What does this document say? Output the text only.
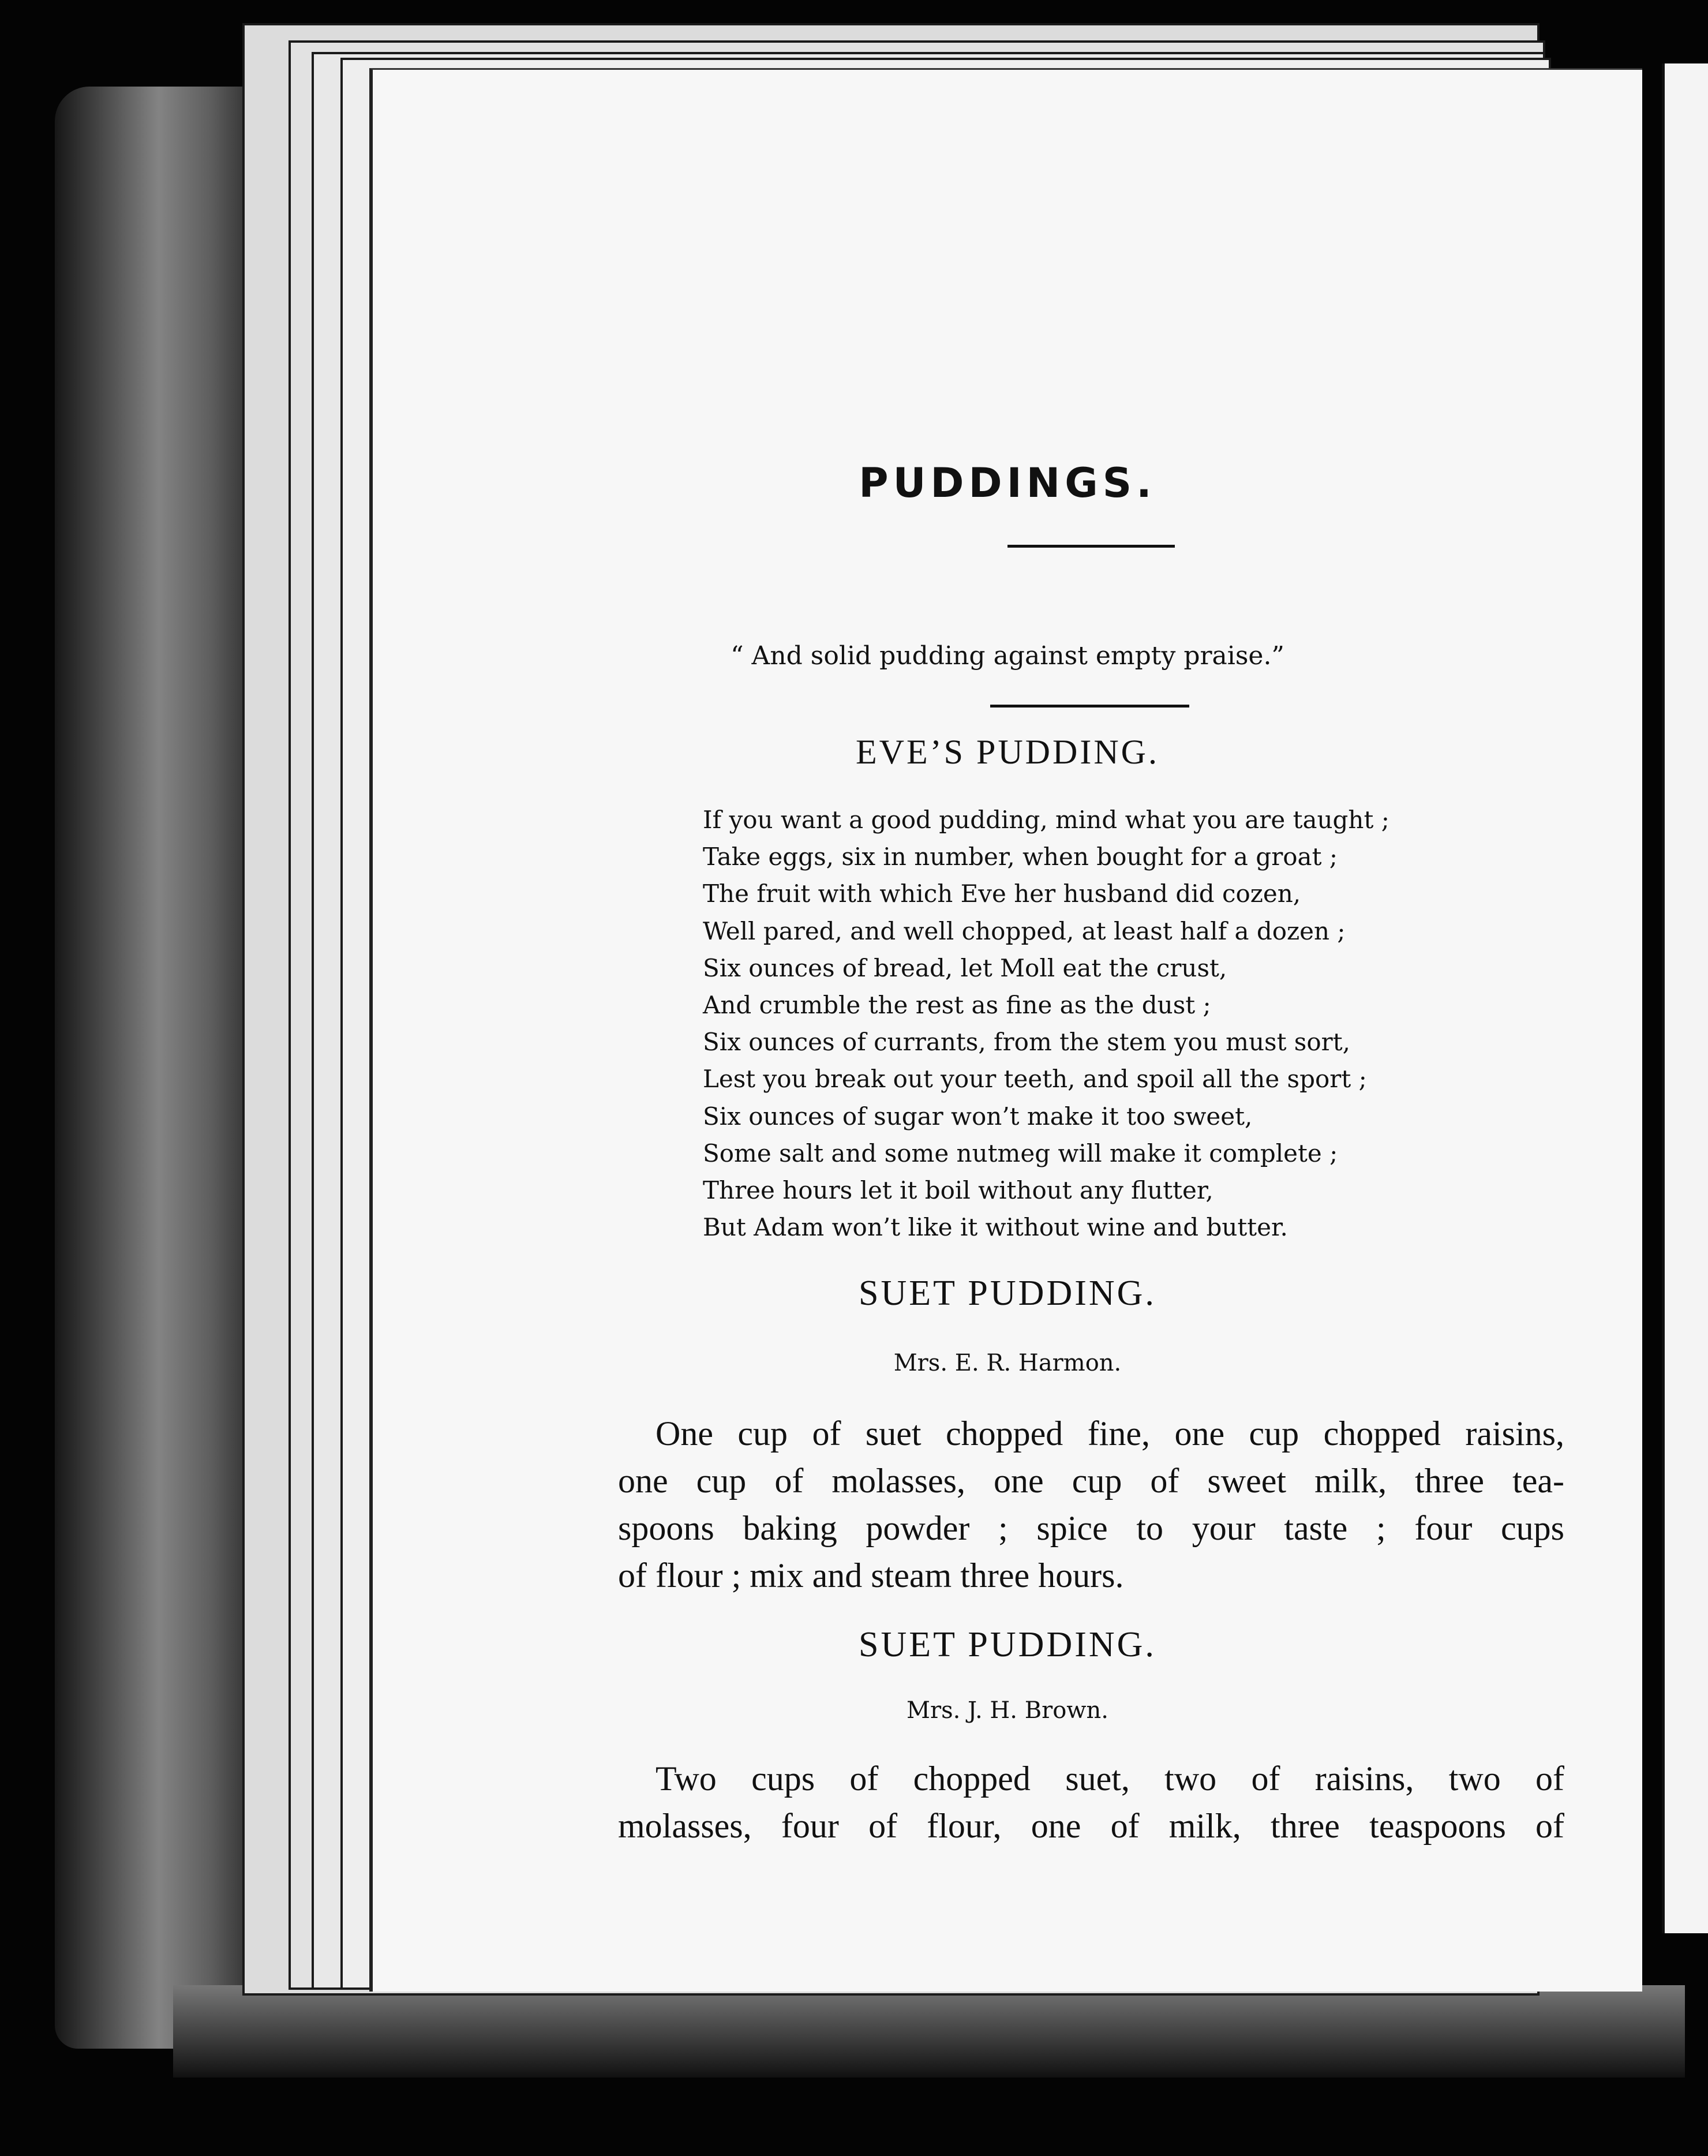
PUDDINGS.
“ And solid pudding against empty praise.”
EVE’S PUDDING.
If you want a good pudding, mind what you are taught ;
Take eggs, six in number, when bought for a groat ;
The fruit with which Eve her husband did cozen,
Well pared, and well chopped, at least half a dozen ;
Six ounces of bread, let Moll eat the crust,
And crumble the rest as fine as the dust ;
Six ounces of currants, from the stem you must sort,
Lest you break out your teeth, and spoil all the sport ;
Six ounces of sugar won’t make it too sweet,
Some salt and some nutmeg will make it complete ;
Three hours let it boil without any flutter,
But Adam won’t like it without wine and butter.
SUET PUDDING.
Mrs. E. R. Harmon.
One cup of suet chopped fine, one cup chopped raisins,
one cup of molasses, one cup of sweet milk, three tea-
spoons baking powder ; spice to your taste ; four cups
of flour ; mix and steam three hours.
SUET PUDDING.
Mrs. J. H. Brown.
Two cups of chopped suet, two of raisins, two of
molasses, four of flour, one of milk, three teaspoons of
